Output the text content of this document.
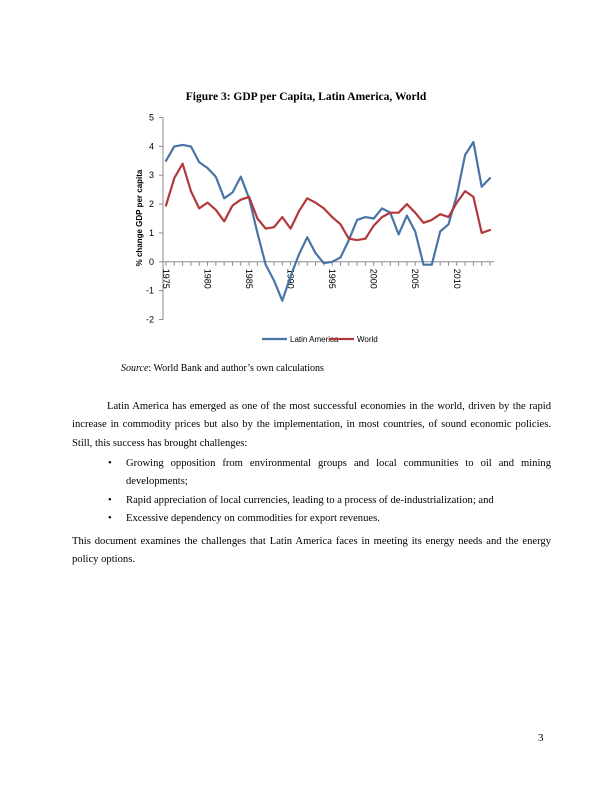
Figure 3: GDP per Capita, Latin America, World
5
4
3
2
1
0
-1
-2
1975	1980	1985	1990	1995	2000	2005	2010
% change GDP per capita
Latin America World
Source: World Bank and author’s own calculations
Latin America has emerged as one of the most successful economies in the world, driven by the rapid increase in commodity prices but also by the implementation, in most countries, of sound economic policies. Still, this success has brought challenges:
• Growing opposition from environmental groups and local communities to oil and mining developments;
• Rapid appreciation of local currencies, leading to a process of de-industrialization; and
• Excessive dependency on commodities for export revenues.
This document examines the challenges that Latin America faces in meeting its energy needs and the energy policy options.
3
